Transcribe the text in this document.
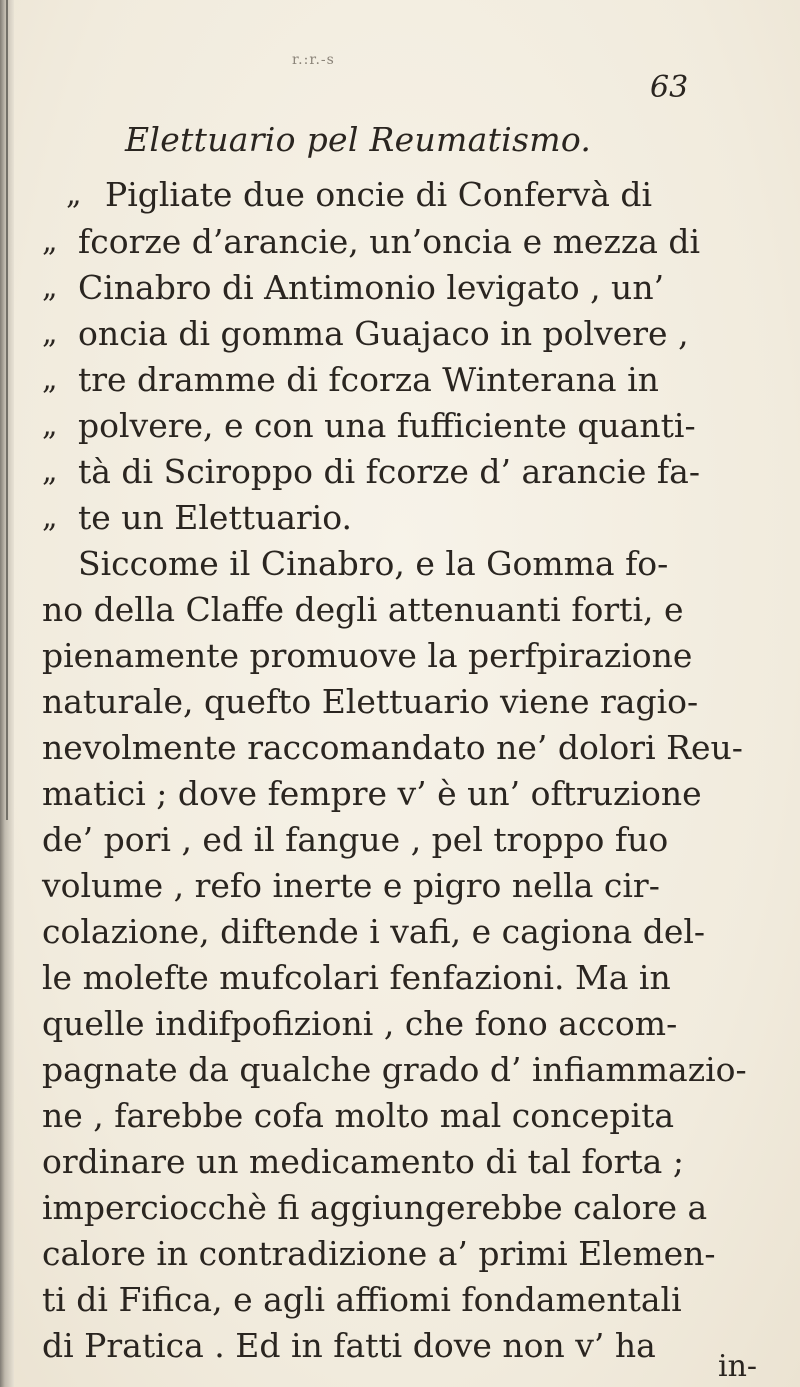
r.:r.-s
63
Elettuario pel Reumatismo.
„ Pigliate due oncie di Confervà di
„ fcorze d’arancie, un’oncia e mezza di
„ Cinabro di Antimonio levigato , un’
„ oncia di gomma Guajaco in polvere ,
„ tre dramme di fcorza Winterana in
„ polvere, e con una fufficiente quanti-
„ tà di Sciroppo di fcorze d’ arancie fa-
„ te un Elettuario.
Siccome il Cinabro, e la Gomma fo-
no della Claffe degli attenuanti forti, e
pienamente promuove la perfpirazione
naturale, quefto Elettuario viene ragio-
nevolmente raccomandato ne’ dolori Reu-
matici ; dove fempre v’ è un’ oftruzione
de’ pori , ed il fangue , pel troppo fuo
volume , refo inerte e pigro nella cir-
colazione, diftende i vafi, e cagiona del-
le molefte mufcolari fenfazioni. Ma in
quelle indifpofizioni , che fono accom-
pagnate da qualche grado d’ infiammazio-
ne , farebbe cofa molto mal concepita
ordinare un medicamento di tal forta ;
imperciocchè fi aggiungerebbe calore a
calore in contradizione a’ primi Elemen-
ti di Fifica, e agli affiomi fondamentali
di Pratica . Ed in fatti dove non v’ ha
in-
